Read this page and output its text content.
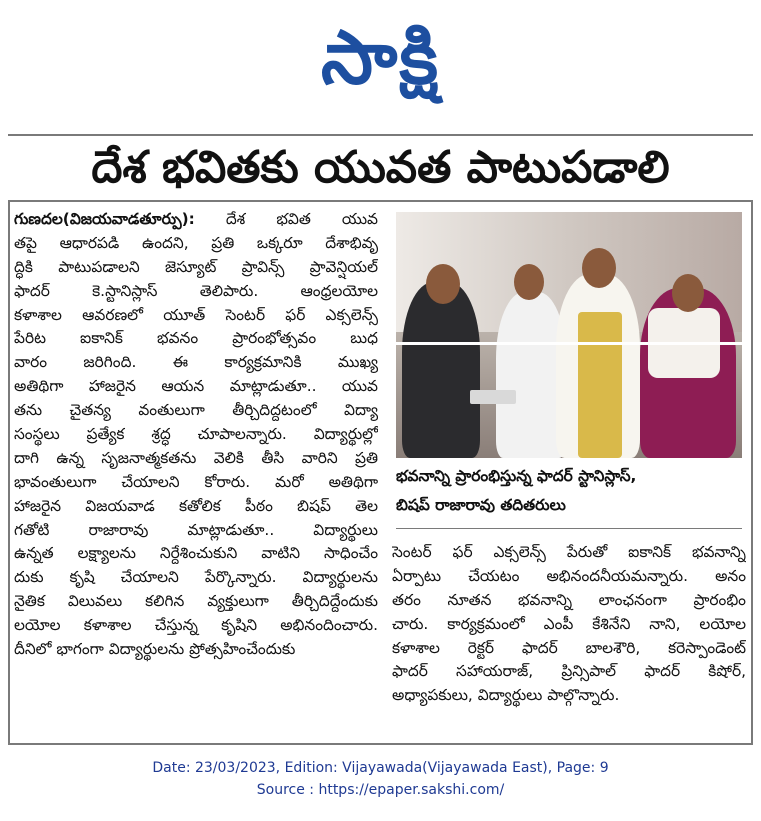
సాక్షి
దేశ భవితకు యువత పాటుపడాలి

గుణదల(విజయవాడతూర్పు): దేశ భవిత యువ

తపై ఆధారపడి ఉందని, ప్రతి ఒక్కరూ దేశాభివృ

ద్ధికి పాటుపడాలని జెస్యూట్ ప్రావిన్స్ ప్రావెన్షియల్

ఫాదర్ కె.స్టానిస్లాస్ తెలిపారు. ఆంధ్రలయోల

కళాశాల ఆవరణలో యూత్ సెంటర్ ఫర్ ఎక్సలెన్స్

పేరిట ఐకానిక్ భవనం ప్రారంభోత్సవం బుధ

వారం జరిగింది. ఈ కార్యక్రమానికి ముఖ్య

అతిథిగా హాజరైన ఆయన మాట్లాడుతూ.. యువ

తను చైతన్య వంతులుగా తీర్చిదిద్దటంలో విద్యా

సంస్థలు ప్రత్యేక శ్రద్ధ చూపాలన్నారు. విద్యార్థుల్లో

దాగి ఉన్న సృజనాత్మకతను వెలికి తీసి వారిని ప్రతి

భావంతులుగా చేయాలని కోరారు. మరో అతిథిగా

హాజరైన విజయవాడ కతోలిక పీఠం బిషప్ తెల

గతోటి రాజారావు మాట్లాడుతూ.. విద్యార్థులు

ఉన్నత లక్ష్యాలను నిర్దేశించుకుని వాటిని సాధించేం

దుకు కృషి చేయాలని పేర్కొన్నారు. విద్యార్థులను

నైతిక విలువలు కలిగిన వ్యక్తులుగా తీర్చిదిద్దేందుకు

లయోల కళాశాల చేస్తున్న కృషిని అభినందించారు.

దీనిలో భాగంగా విద్యార్థులను ప్రోత్సహించేందుకు

భవనాన్ని ప్రారంభిస్తున్న ఫాదర్ స్టానిస్లాస్,

బిషప్ రాజారావు తదితరులు

సెంటర్ ఫర్ ఎక్సలెన్స్ పేరుతో ఐకానిక్ భవనాన్ని

ఏర్పాటు చేయటం అభినందనీయమన్నారు. అనం

తరం నూతన భవనాన్ని లాంఛనంగా ప్రారంభిం

చారు. కార్యక్రమంలో ఎంపీ కేశినేని నాని, లయోల

కళాశాల రెక్టర్ ఫాదర్ బాలశౌరి, కరెస్పాండెంట్

ఫాదర్ సహాయరాజ్, ప్రిన్సిపాల్ ఫాదర్ కిషోర్,

అధ్యాపకులు, విద్యార్థులు పాల్గొన్నారు.

Date: 23/03/2023, Edition: Vijayawada(Vijayawada East), Page: 9
Source : https://epaper.sakshi.com/
